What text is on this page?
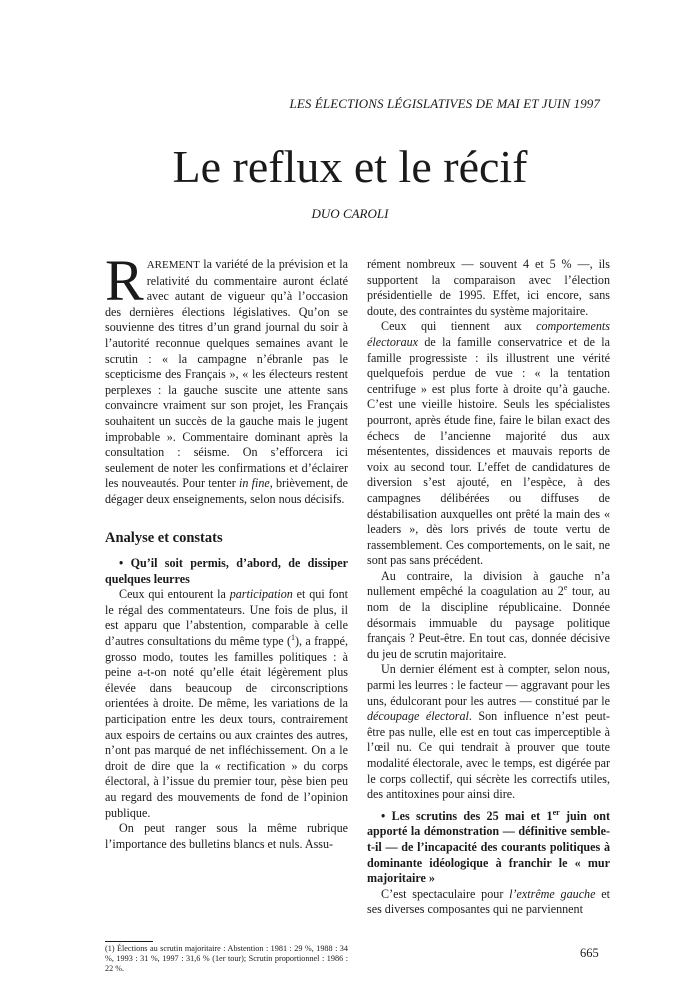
LES ÉLECTIONS LÉGISLATIVES DE MAI ET JUIN 1997
Le reflux et le récif
DUO CAROLI

RAREMENT la variété de la prévision et la relativité du commentaire auront éclaté avec autant de vigueur qu’à l’occasion des dernières élections législatives. Qu’on se souvienne des titres d’un grand journal du soir à l’autorité reconnue quelques semaines avant le scrutin : « la campagne n’ébranle pas le scepticisme des Français », « les électeurs restent perplexes : la gauche suscite une attente sans convaincre vraiment sur son projet, les Français souhaitent un succès de la gauche mais le jugent improbable ». Commentaire dominant après la consultation : séisme. On s’efforcera ici seulement de noter les confirmations et d’éclairer les nouveautés. Pour tenter in fine, brièvement, de dégager deux enseignements, selon nous décisifs.

Analyse et constats

• Qu’il soit permis, d’abord, de dissiper quelques leurres

Ceux qui entourent la participation et qui font le régal des commentateurs. Une fois de plus, il est apparu que l’abstention, comparable à celle d’autres consultations du même type ($^1$), a frappé, grosso modo, toutes les familles politiques : à peine a-t-on noté qu’elle était légèrement plus élevée dans beaucoup de circonscriptions orientées à droite. De même, les variations de la participation entre les deux tours, contrairement aux espoirs de certains ou aux craintes des autres, n’ont pas marqué de net infléchissement. On a le droit de dire que la « rectification » du corps électoral, à l’issue du premier tour, pèse bien peu au regard des mouvements de fond de l’opinion publique.

On peut ranger sous la même rubrique l’importance des bulletins blancs et nuls. Assu-

rément nombreux — souvent 4 et 5 % —, ils supportent la comparaison avec l’élection présidentielle de 1995. Effet, ici encore, sans doute, des contraintes du système majoritaire.

Ceux qui tiennent aux comportements électoraux de la famille conservatrice et de la famille progressiste : ils illustrent une vérité quelquefois perdue de vue : « la tentation centrifuge » est plus forte à droite qu’à gauche. C’est une vieille histoire. Seuls les spécialistes pourront, après étude fine, faire le bilan exact des échecs de l’ancienne majorité dus aux mésententes, dissidences et mauvais reports de voix au second tour. L’effet de candidatures de diversion s’est ajouté, en l’espèce, à des campagnes délibérées ou diffuses de déstabilisation auxquelles ont prêté la main des « leaders », dès lors privés de toute vertu de rassemblement. Ces comportements, on le sait, ne sont pas sans précédent.

Au contraire, la division à gauche n’a nullement empêché la coagulation au 2e tour, au nom de la discipline républicaine. Donnée désormais immuable du paysage politique français ? Peut-être. En tout cas, donnée décisive du jeu de scrutin majoritaire.

Un dernier élément est à compter, selon nous, parmi les leurres : le facteur — aggravant pour les uns, édulcorant pour les autres — constitué par le découpage électoral. Son influence n’est peut-être pas nulle, elle est en tout cas imperceptible à l’œil nu. Ce qui tendrait à prouver que toute modalité électorale, avec le temps, est digérée par le corps collectif, qui sécrète les correctifs utiles, des antitoxines pour ainsi dire.

• Les scrutins des 25 mai et 1er juin ont apporté la démonstration — définitive semble-t-il — de l’incapacité des courants politiques à dominante idéologique à franchir le « mur majoritaire »

C’est spectaculaire pour l’extrême gauche et ses diverses composantes qui ne parviennent

(1) Élections au scrutin majoritaire : Abstention : 1981 : 29 %, 1988 : 34 %, 1993 : 31 %, 1997 : 31,6 % (1er tour); Scrutin proportionnel : 1986 : 22 %.
665
